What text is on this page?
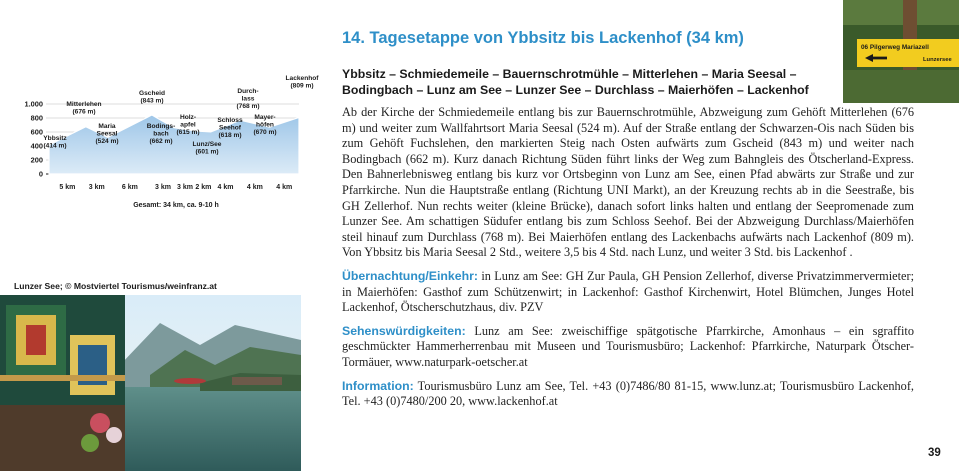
0
200
400
600
800
1.000
Ybbsitz (414 m)
Mitterlehen (676 m)
Maria Seesal (524 m)
Gscheid (843 m)
Bodings-bach (662 m)
Holz-apfel (615 m)
Lunz/See (601 m)
Schloss Seehof (618 m)
Durch-lass (768 m)
Mayer-höfen (670 m)
Lackenhof (809 m)
5 km 3 km 6 km 3 km 3 km 2 km 4 km 4 km 4 km
Gesamt: 34 km, ca. 9-10 h
Lunzer See; © Mostviertel Tourismus/weinfranz.at
06 Pilgerweg Mariazell
Lunzersee
14. Tagesetappe von Ybbsitz bis Lackenhof (34 km)

Ybbsitz – Schmiedemeile – Bauernschrotmühle – Mitterlehen – Maria Seesal – Bodingbach – Lunz am See – Lunzer See – Durchlass – Maierhöfen – Lackenhof

Ab der Kirche der Schmiedemeile entlang bis zur Bauernschrotmühle, Abzweigung zum Gehöft Mitterlehen (676 m) und weiter zum Wallfahrtsort Maria Seesal (524 m). Auf der Straße entlang der Schwarzen-Ois nach Süden bis zum Gehöft Fuchslehen, den markierten Steig nach Osten aufwärts zum Gscheid (843 m) und weiter nach Bodingbach (662 m). Kurz danach Richtung Süden führt links der Weg zum Bahngleis des Ötscherland-Express. Den Bahnerlebnisweg entlang bis kurz vor Ortsbeginn von Lunz am See, einen Pfad abwärts zur Straße und zur Pfarrkirche. Nun die Hauptstraße entlang (Richtung UNI Markt), an der Kreuzung rechts ab in die Seestraße, bis GH Zellerhof. Nun rechts weiter (kleine Brücke), danach sofort links halten und entlang der Seepromenade zum Lunzer See. Am schattigen Südufer entlang bis zum Schloss Seehof. Bei der Abzweigung Durchlass/Maierhöfen steil hinauf zum Durchlass (768 m). Bei Maierhöfen entlang des Lackenbachs aufwärts nach Lackenhof (809 m). Von Ybbsitz bis Maria Seesal 2 Std., weitere 3,5 bis 4 Std. nach Lunz, und weiter 3 Std. bis Lackenhof .

Übernachtung/Einkehr: in Lunz am See: GH Zur Paula, GH Pension Zellerhof, diverse Privatzimmervermieter; in Maierhöfen: Gasthof zum Schützenwirt; in Lackenhof: Gasthof Kirchenwirt, Hotel Blümchen, Junges Hotel Lackenhof, Ötscherschutzhaus, div. PZV

Sehenswürdigkeiten: Lunz am See: zweischiffige spätgotische Pfarrkirche, Amonhaus – ein sgraffito geschmückter Hammerherrenbau mit Museen und Tourismusbüro; Lackenhof: Pfarrkirche, Naturpark Ötscher-Tormäuer, www.naturpark-oetscher.at

Information: Tourismusbüro Lunz am See, Tel. +43 (0)7486/80 81-15, www.lunz.at; Tourismusbüro Lackenhof, Tel. +43 (0)7480/200 20, www.lackenhof.at

39
